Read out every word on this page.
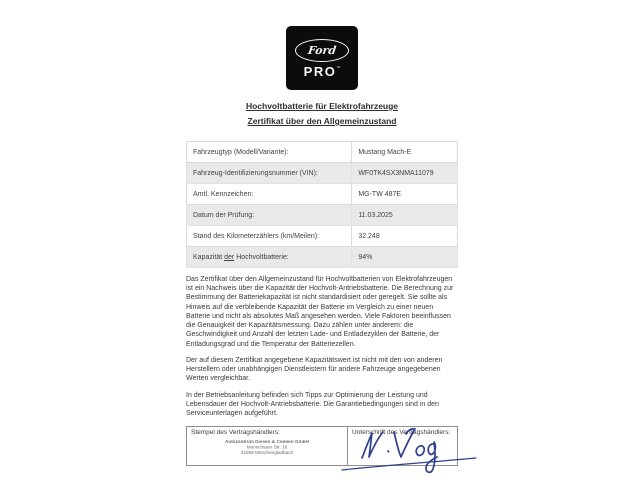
Ford
PRO ™
Hochvoltbatterie für Elektrofahrzeuge
Zertifikat über den Allgemeinzustand
Fahrzeugtyp (Modell/Variante):	Mustang Mach-E
Fahrzeug-Identifizierungsnummer (VIN):	WF0TK4SX3NMA11079
Amtl. Kennzeichen:	MG-TW 487E
Datum der Prüfung:	11.03.2025
Stand des Kilometerzählers (km/Meilen):	32.248
Kapazität der Hochvoltbatterie:	94%
Das Zertifikat über den Allgemeinzustand für Hochvoltbatterien von Elektrofahrzeugen ist ein Nachweis über die Kapazität der Hochvolt-Antriebsbatterie. Die Berechnung zur Bestimmung der Batteriekapazität ist nicht standardisiert oder geregelt. Sie sollte als Hinweis auf die verbleibende Kapazität der Batterie im Vergleich zu einer neuen Batterie und nicht als absolutes Maß angesehen werden. Viele Faktoren beeinflussen die Genauigkeit der Kapazitätsmessung. Dazu zählen unter anderem: die Geschwindigkeit und Anzahl der letzten Lade- und Entladezyklen der Batterie, der Entladungsgrad und die Temperatur der Batteriezellen.
Der auf diesem Zertifikat angegebene Kapazitätswert ist nicht mit den von anderen Herstellern oder unabhängigen Dienstleistern für andere Fahrzeuge angegebenen Werten vergleichbar.
In der Betriebsanleitung befinden sich Tipps zur Optimierung der Leistung und Lebensdauer der Hochvolt-Antriebsbatterie. Die Garantiebedingungen sind in den Serviceunterlagen aufgeführt.
Stempel des Vertragshändlers:
Autozentrum Diesen & Coenen GmbH
Monschauer Str. 16
41068 Mönchengladbach
Unterschrift des Vertragshändlers:
